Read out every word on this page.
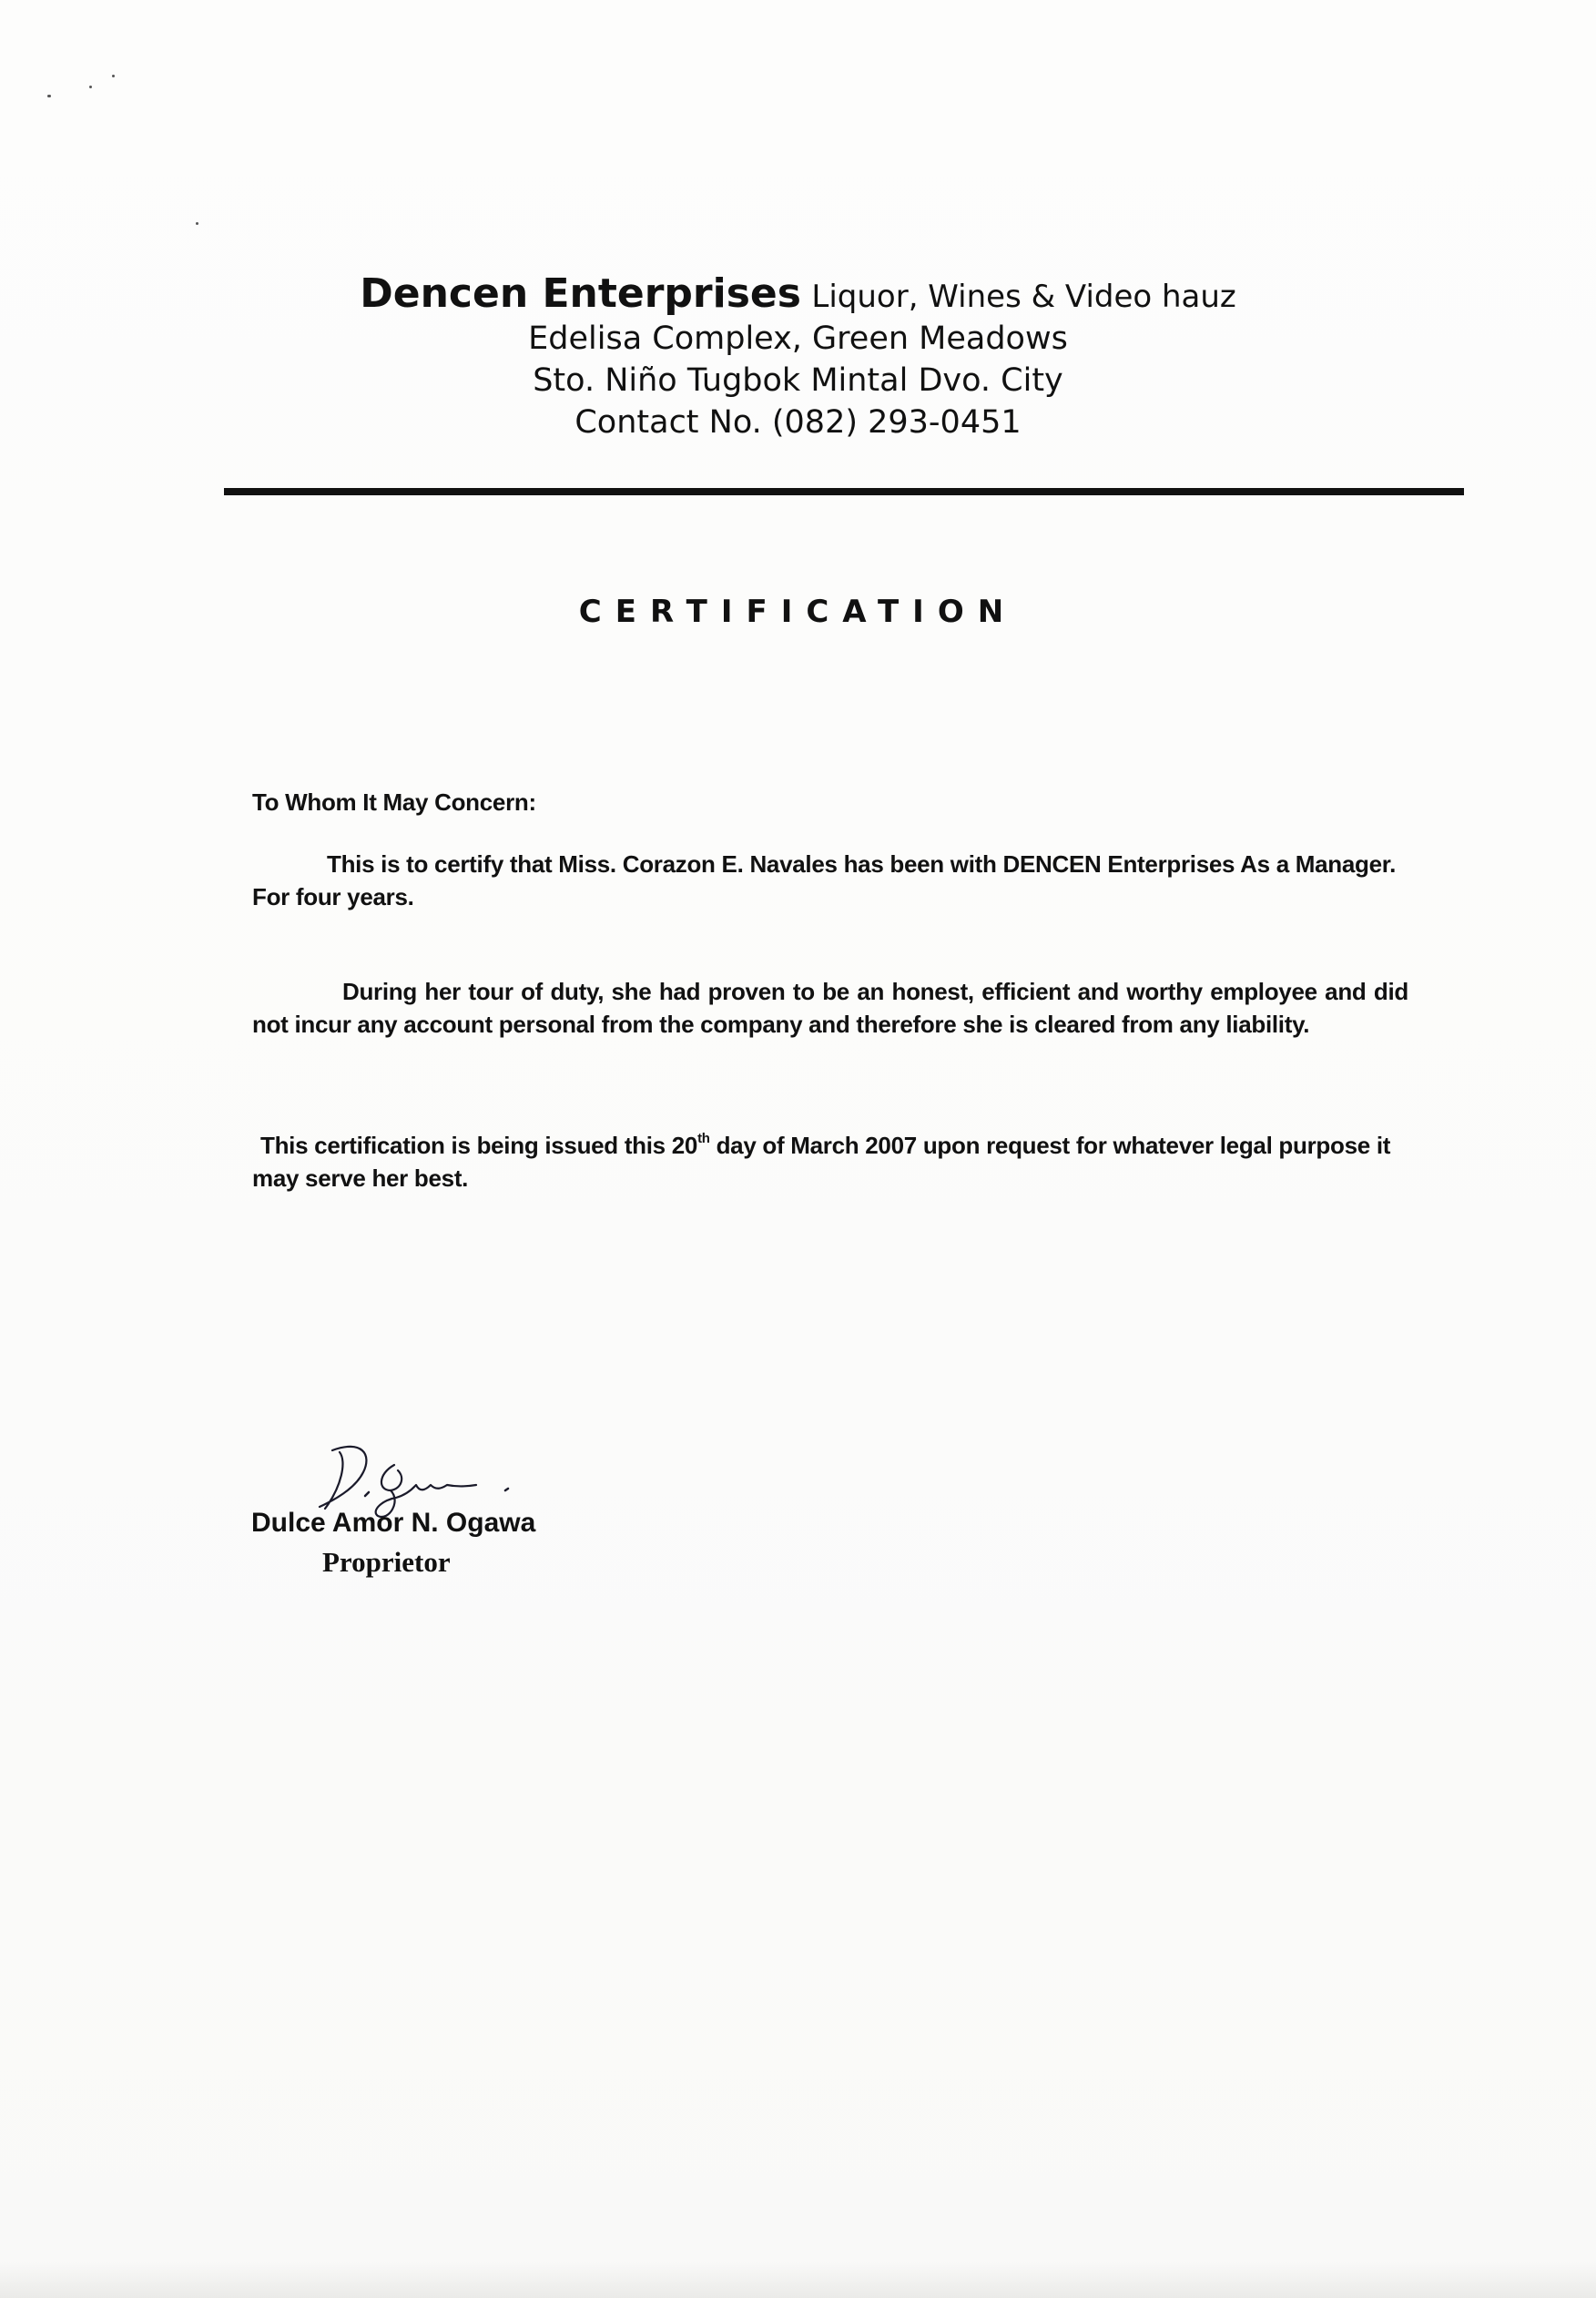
Dencen Enterprises Liquor, Wines & Video hauz
Edelisa Complex, Green Meadows
Sto. Niño Tugbok Mintal Dvo. City
Contact No. (082) 293-0451
CERTIFICATION
To Whom It May Concern:
This is to certify that Miss. Corazon E. Navales has been with DENCEN Enterprises As a Manager. For four years.
During her tour of duty, she had proven to be an honest, efficient and worthy employee and did not incur any account personal from the company and therefore she is cleared from any liability.
This certification is being issued this 20th day of March 2007 upon request for whatever legal purpose it may serve her best.
Dulce Amor N. Ogawa
Proprietor
